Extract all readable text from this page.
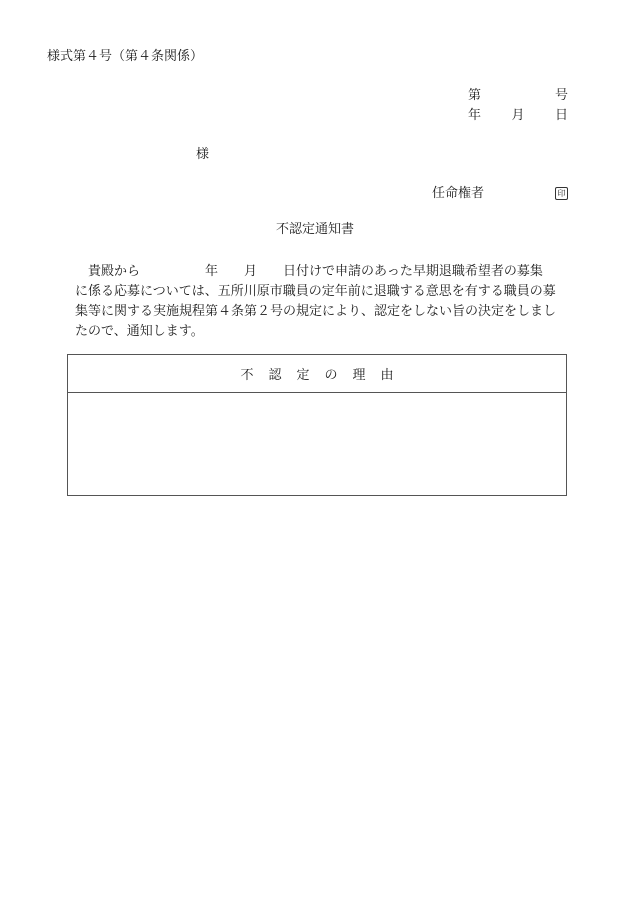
様式第４号（第４条関係）
第	号
年 月 日
様
任命権者	印
不認定通知書
　貴殿から　　　　　年　　月　　日付けで申請のあった早期退職希望者の募集
に係る応募については、五所川原市職員の定年前に退職する意思を有する職員の募
集等に関する実施規程第４条第２号の規定により、認定をしない旨の決定をしまし
たので、通知します。
不認定の理由
